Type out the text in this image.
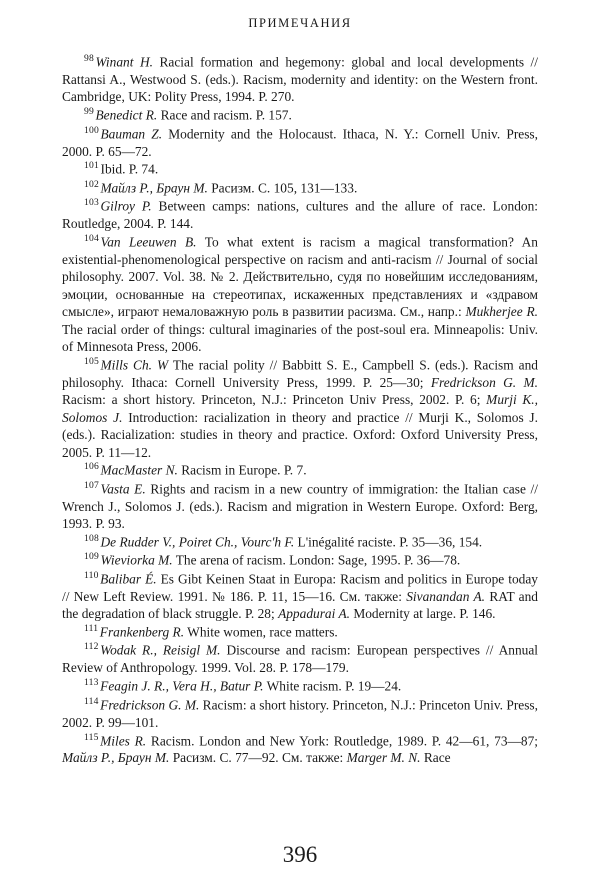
ПРИМЕЧАНИЯ

$^{98}$ Winant H. Racial formation and hegemony: global and local developments // Rattansi A., Westwood S. (eds.). Racism, modernity and identity: on the Western front. Cambridge, UK: Polity Press, 1994. P. 270.

$^{99}$ Benedict R. Race and racism. P. 157.

$^{100}$ Bauman Z. Modernity and the Holocaust. Ithaca, N. Y.: Cornell Univ. Press, 2000. P. 65—72.

$^{101}$ Ibid. P. 74.

$^{102}$ Майлз Р., Браун М. Расизм. С. 105, 131—133.

$^{103}$ Gilroy P. Between camps: nations, cultures and the allure of race. London: Routledge, 2004. P. 144.

$^{104}$ Van Leeuwen B. To what extent is racism a magical transformation? An existential-phenomenological perspective on racism and anti-racism // Journal of social philosophy. 2007. Vol. 38. № 2. Действительно, судя по новейшим исследованиям, эмоции, основанные на стереотипах, искаженных представлениях и «здравом смысле», играют немаловажную роль в развитии расизма. См., напр.: Mukherjee R. The racial order of things: cultural imaginaries of the post-soul era. Minneapolis: Univ. of Minnesota Press, 2006.

$^{105}$ Mills Ch. W The racial polity // Babbitt S. E., Campbell S. (eds.). Racism and philosophy. Ithaca: Cornell University Press, 1999. P. 25—30; Fredrickson G. M. Racism: a short history. Princeton, N.J.: Princeton Univ Press, 2002. P. 6; Murji K., Solomos J. Introduction: racialization in theory and practice // Murji K., Solomos J. (eds.). Racialization: studies in theory and practice. Oxford: Oxford University Press, 2005. P. 11—12.

$^{106}$ MacMaster N. Racism in Europe. P. 7.

$^{107}$ Vasta E. Rights and racism in a new country of immigration: the Italian case // Wrench J., Solomos J. (eds.). Racism and migration in Western Europe. Oxford: Berg, 1993. P. 93.

$^{108}$ De Rudder V., Poiret Ch., Vourc'h F. L'inégalité raciste. P. 35—36, 154.

$^{109}$ Wieviorka M. The arena of racism. London: Sage, 1995. P. 36—78.

$^{110}$ Balibar É. Es Gibt Keinen Staat in Europa: Racism and politics in Europe today // New Left Review. 1991. № 186. P. 11, 15—16. См. также: Sivanandan A. RAT and the degradation of black struggle. P. 28; Appadurai A. Modernity at large. P. 146.

$^{111}$ Frankenberg R. White women, race matters.

$^{112}$ Wodak R., Reisigl M. Discourse and racism: European perspectives // Annual Review of Anthropology. 1999. Vol. 28. P. 178—179.

$^{113}$ Feagin J. R., Vera H., Batur P. White racism. P. 19—24.

$^{114}$ Fredrickson G. M. Racism: a short history. Princeton, N.J.: Princeton Univ. Press, 2002. P. 99—101.

$^{115}$ Miles R. Racism. London and New York: Routledge, 1989. P. 42—61, 73—87; Майлз Р., Браун М. Расизм. С. 77—92. См. также: Marger M. N. Race

396
